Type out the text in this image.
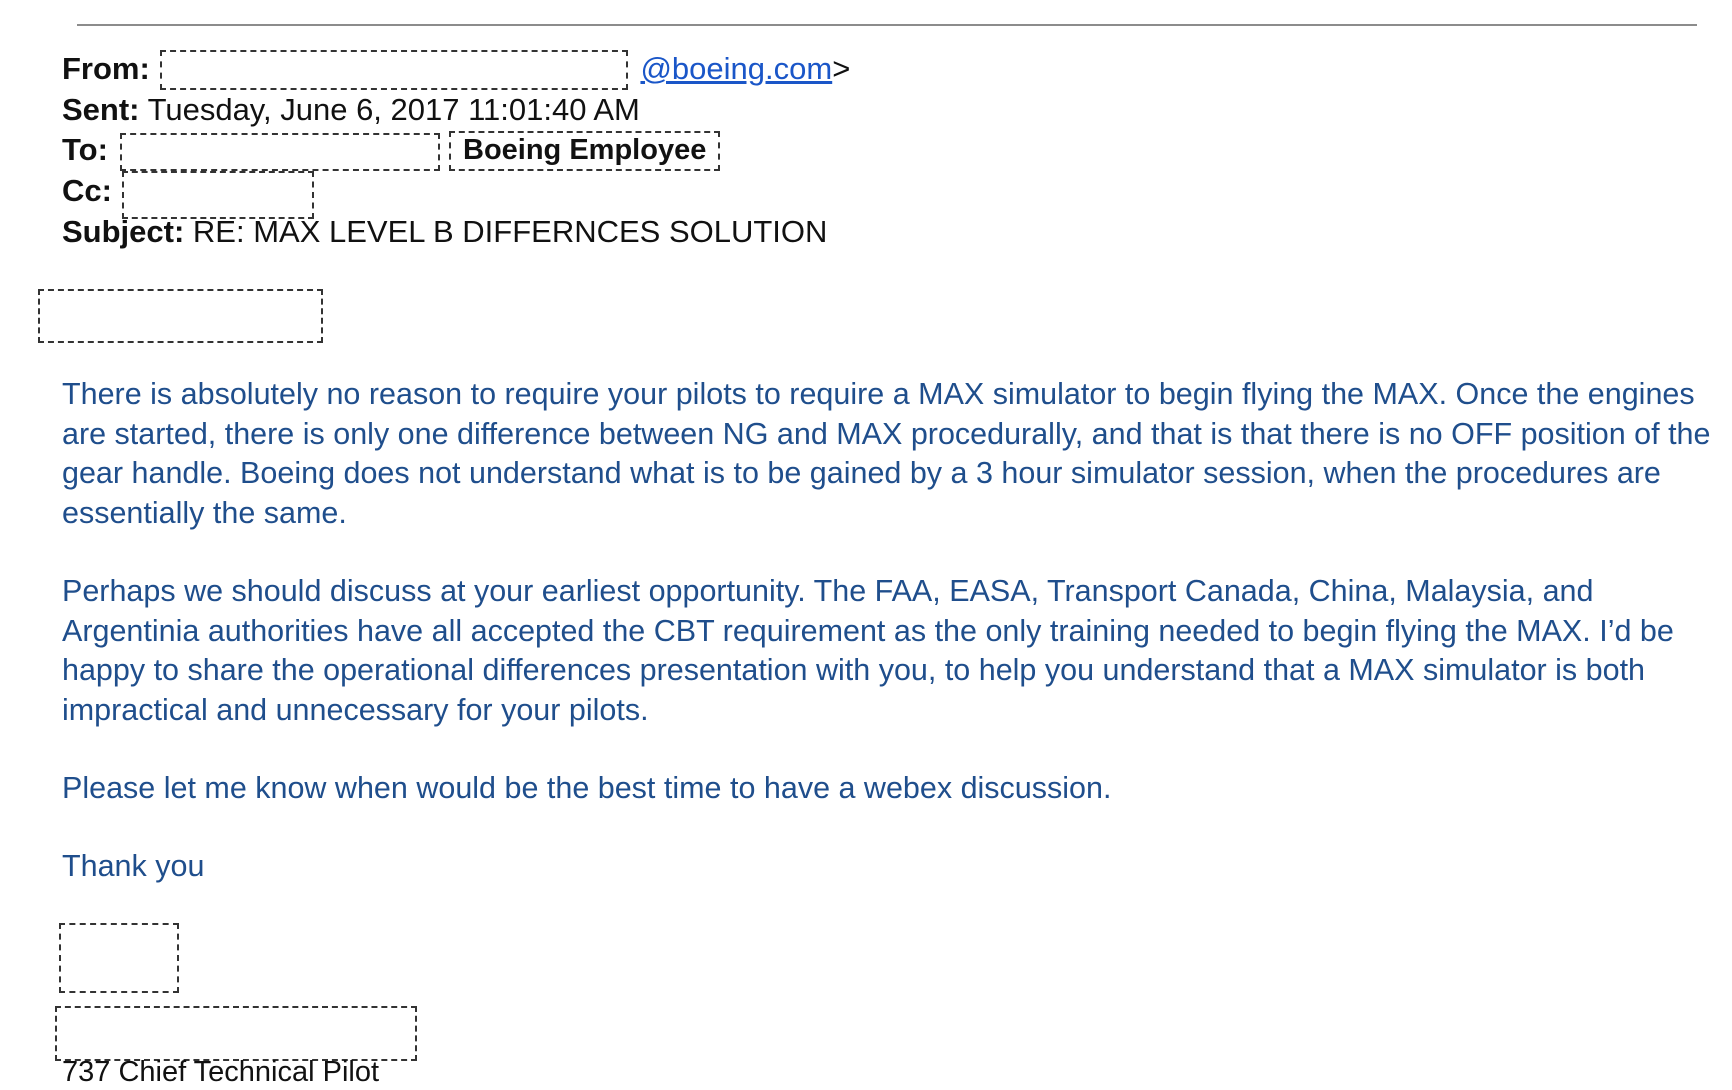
From:	@boeing.com>
Sent: Tuesday, June 6, 2017 11:01:40 AM
To:	Boeing Employee
Cc:
Subject: RE: MAX LEVEL B DIFFERNCES SOLUTION

There is absolutely no reason to require your pilots to require a MAX simulator to begin flying the MAX. Once the engines are started, there is only one difference between NG and MAX procedurally, and that is that there is no OFF position of the gear handle. Boeing does not understand what is to be gained by a 3 hour simulator session, when the procedures are essentially the same.

Perhaps we should discuss at your earliest opportunity. The FAA, EASA, Transport Canada, China, Malaysia, and Argentinia authorities have all accepted the CBT requirement as the only training needed to begin flying the MAX. I’d be happy to share the operational differences presentation with you, to help you understand that a MAX simulator is both impractical and unnecessary for your pilots.

Please let me know when would be the best time to have a webex discussion.

Thank you

737 Chief Technical Pilot
